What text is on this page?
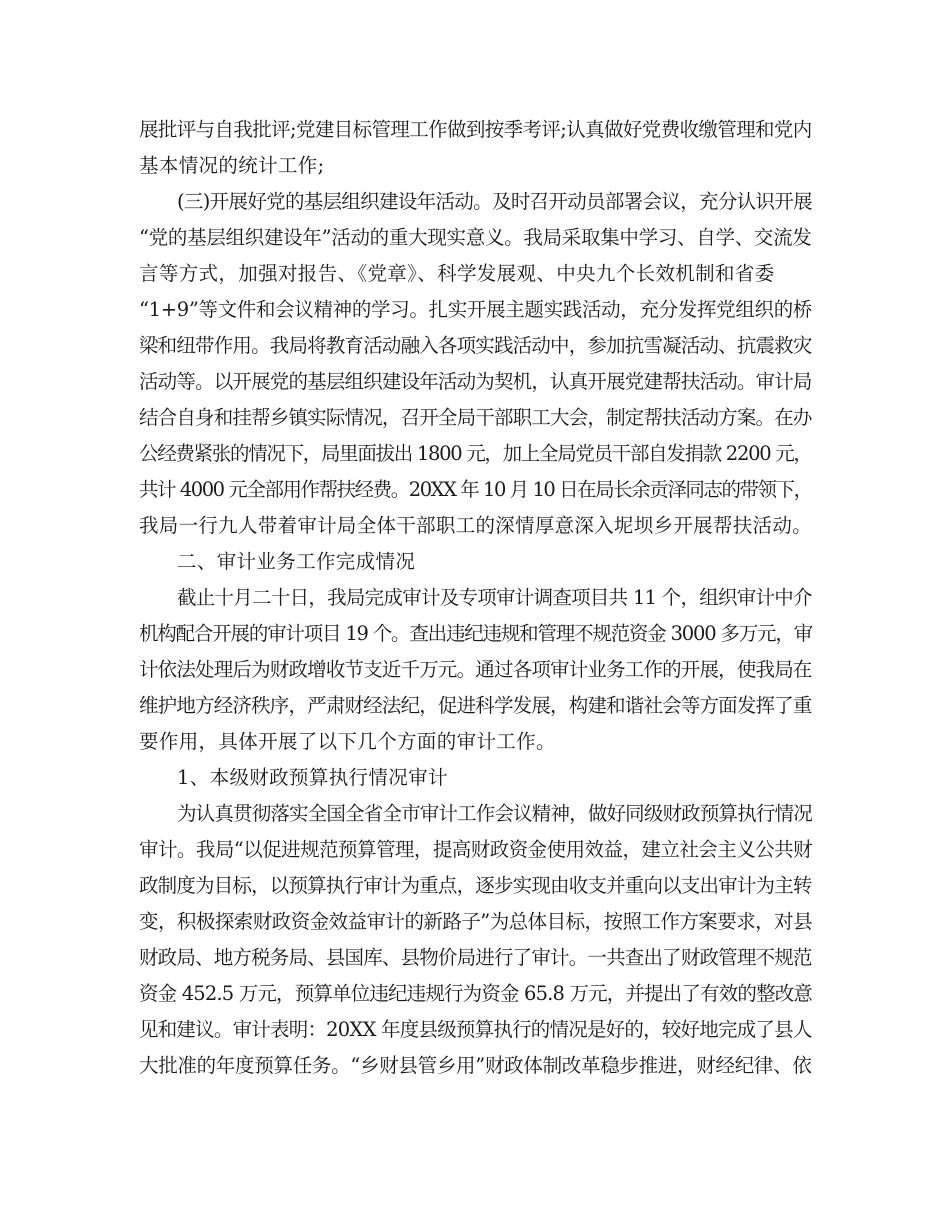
展批评与自我批评;党建目标管理工作做到按季考评;认真做好党费收缴管理和党内
基本情况的统计工作;
(三)开展好党的基层组织建设年活动。及时召开动员部署会议，充分认识开展
“党的基层组织建设年”活动的重大现实意义。我局采取集中学习、自学、交流发
言等方式，加强对报告、《党章》、科学发展观、中央九个长效机制和省委
“1+9”等文件和会议精神的学习。扎实开展主题实践活动，充分发挥党组织的桥
梁和纽带作用。我局将教育活动融入各项实践活动中，参加抗雪凝活动、抗震救灾
活动等。以开展党的基层组织建设年活动为契机，认真开展党建帮扶活动。审计局
结合自身和挂帮乡镇实际情况，召开全局干部职工大会，制定帮扶活动方案。在办
公经费紧张的情况下，局里面拔出 1800 元，加上全局党员干部自发捐款 2200 元，
共计 4000 元全部用作帮扶经费。20XX 年 10 月 10 日在局长余贡泽同志的带领下，
我局一行九人带着审计局全体干部职工的深情厚意深入坭坝乡开展帮扶活动。
二、审计业务工作完成情况
截止十月二十日，我局完成审计及专项审计调查项目共 11 个，组织审计中介
机构配合开展的审计项目 19 个。查出违纪违规和管理不规范资金 3000 多万元，审
计依法处理后为财政增收节支近千万元。通过各项审计业务工作的开展，使我局在
维护地方经济秩序，严肃财经法纪，促进科学发展，构建和谐社会等方面发挥了重
要作用，具体开展了以下几个方面的审计工作。
1、本级财政预算执行情况审计
为认真贯彻落实全国全省全市审计工作会议精神，做好同级财政预算执行情况
审计。我局“以促进规范预算管理，提高财政资金使用效益，建立社会主义公共财
政制度为目标，以预算执行审计为重点，逐步实现由收支并重向以支出审计为主转
变，积极探索财政资金效益审计的新路子”为总体目标，按照工作方案要求，对县
财政局、地方税务局、县国库、县物价局进行了审计。一共查出了财政管理不规范
资金 452.5 万元，预算单位违纪违规行为资金 65.8 万元，并提出了有效的整改意
见和建议。审计表明：20XX 年度县级预算执行的情况是好的，较好地完成了县人
大批准的年度预算任务。“乡财县管乡用”财政体制改革稳步推进，财经纪律、依
